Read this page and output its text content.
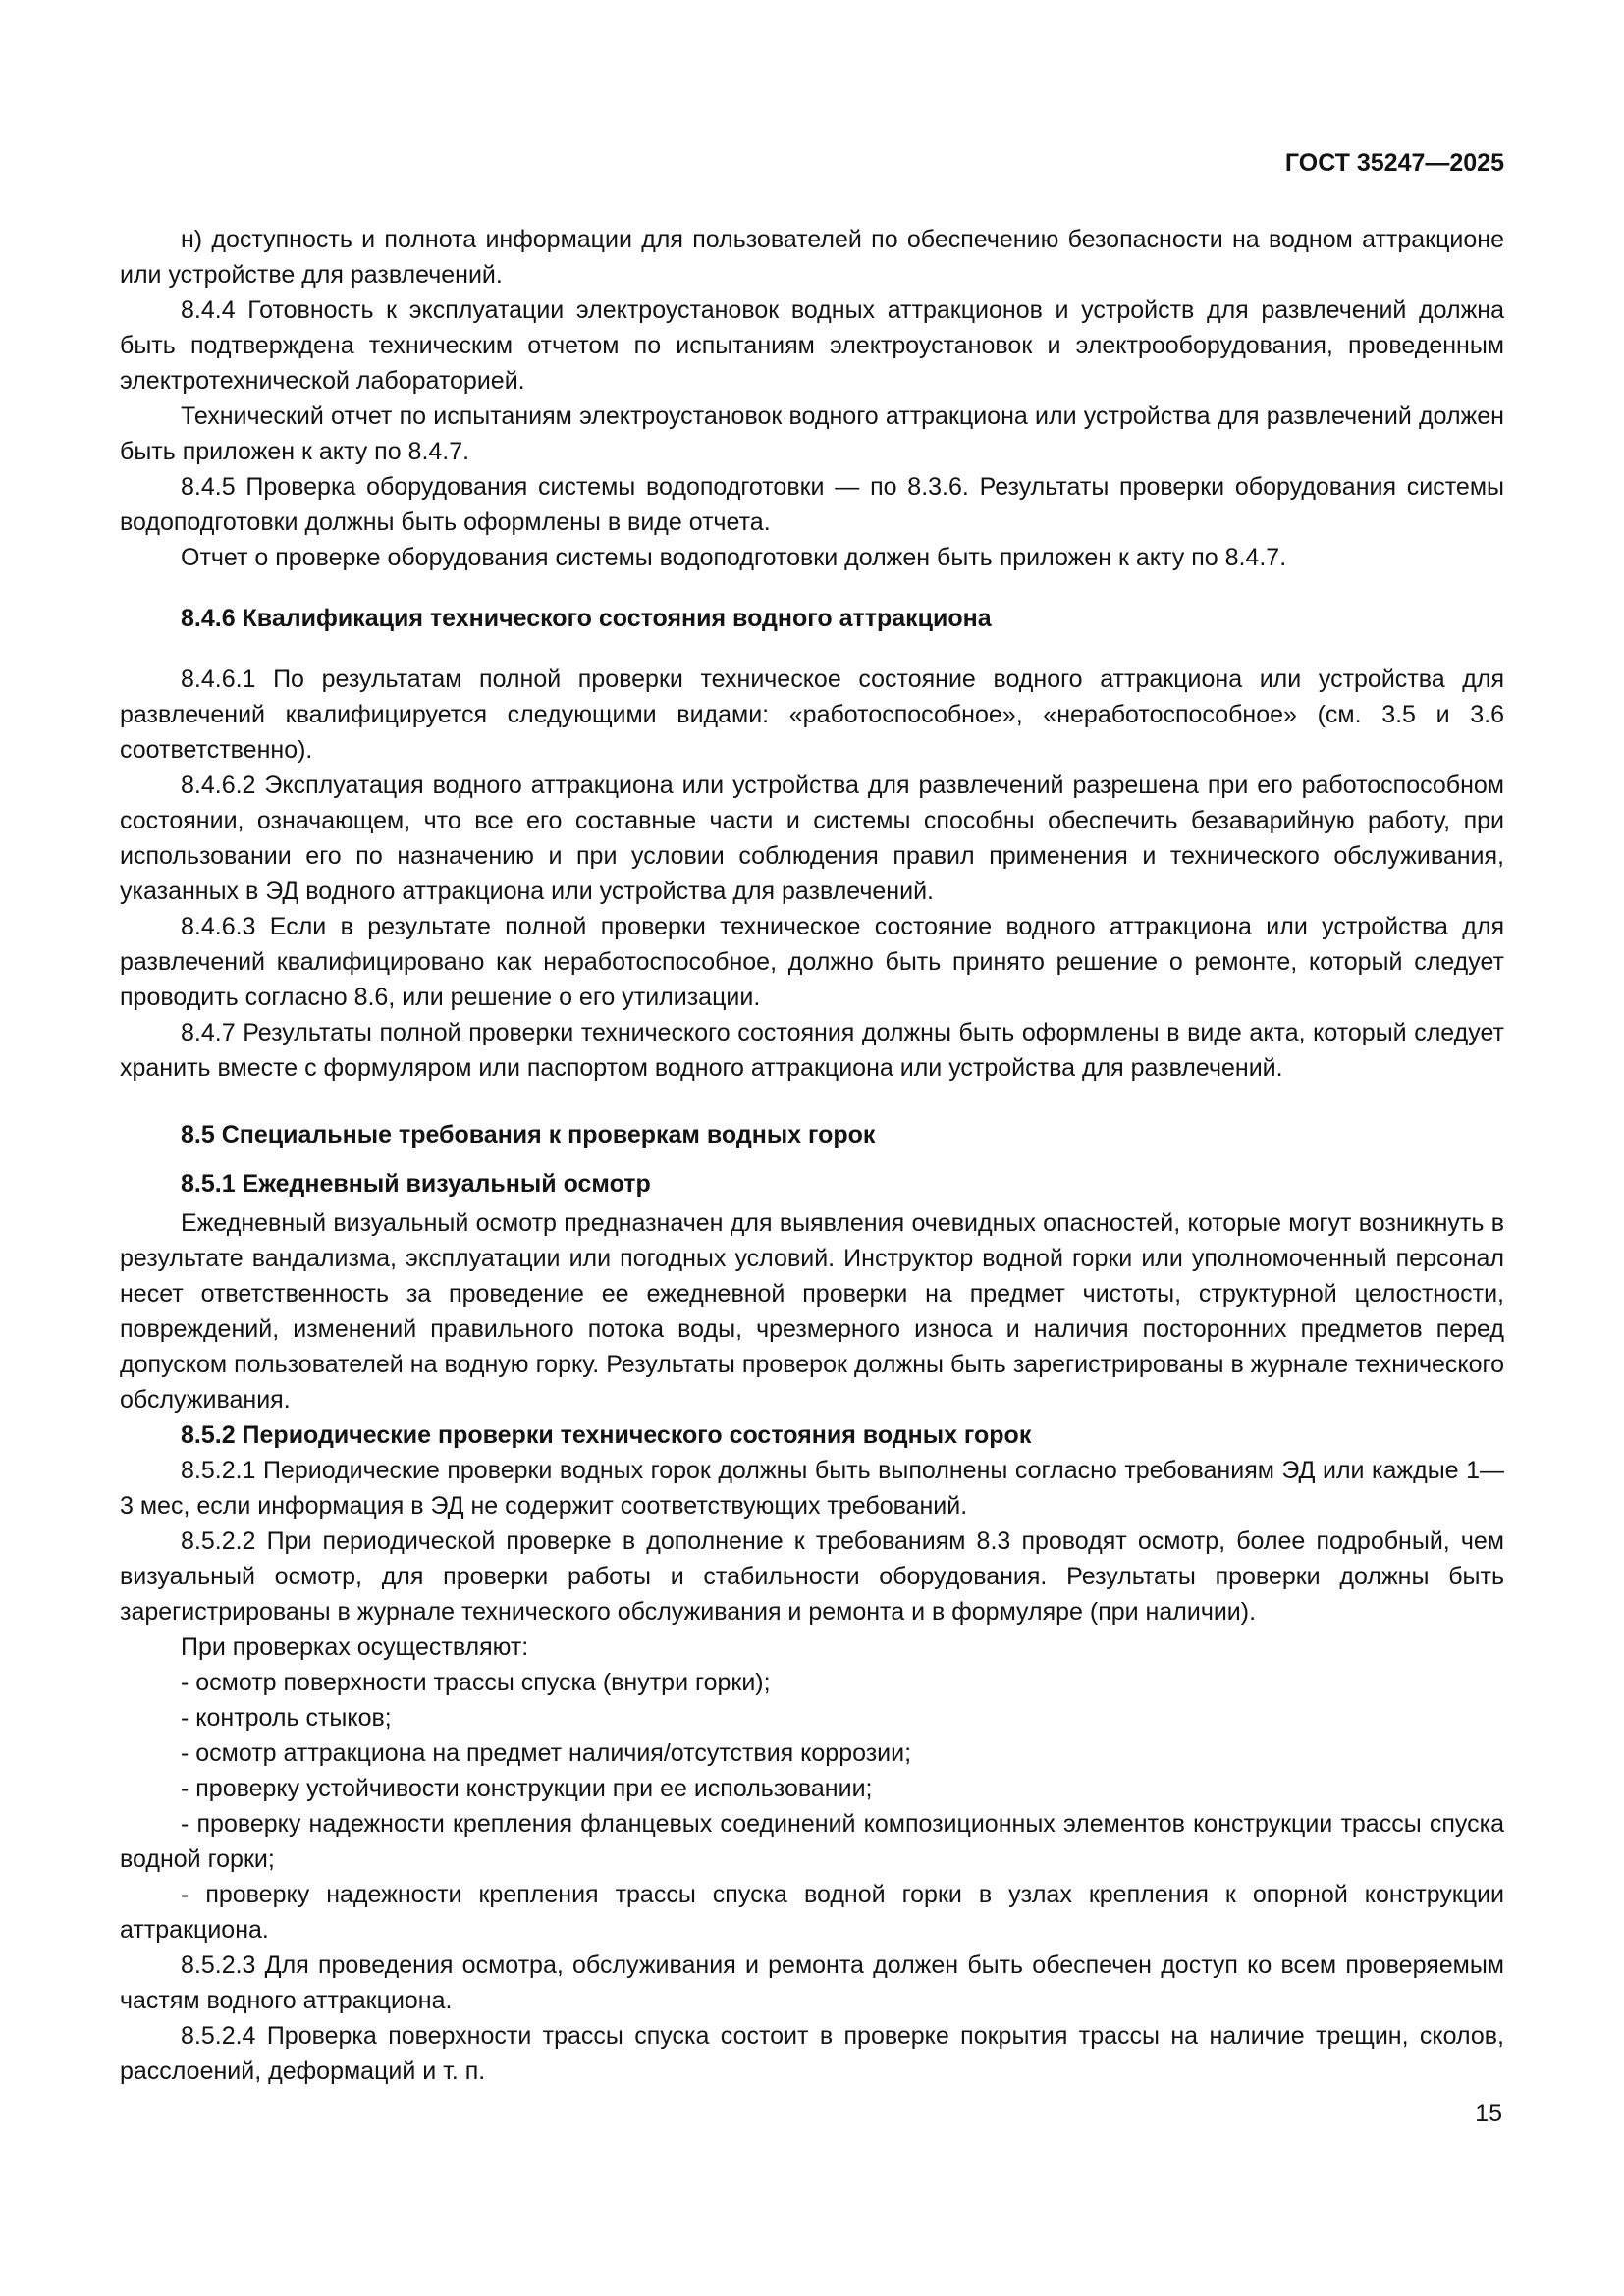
ГОСТ 35247—2025

н) доступность и полнота информации для пользователей по обеспечению безопасности на водном аттракционе или устройстве для развлечений.

8.4.4 Готовность к эксплуатации электроустановок водных аттракционов и устройств для развлечений должна быть подтверждена техническим отчетом по испытаниям электроустановок и электрооборудования, проведенным электротехнической лабораторией.

Технический отчет по испытаниям электроустановок водного аттракциона или устройства для развлечений должен быть приложен к акту по 8.4.7.

8.4.5 Проверка оборудования системы водоподготовки — по 8.3.6. Результаты проверки оборудования системы водоподготовки должны быть оформлены в виде отчета.

Отчет о проверке оборудования системы водоподготовки должен быть приложен к акту по 8.4.7.

8.4.6 Квалификация технического состояния водного аттракциона

8.4.6.1 По результатам полной проверки техническое состояние водного аттракциона или устройства для развлечений квалифицируется следующими видами: «работоспособное», «неработоспособное» (см. 3.5 и 3.6 соответственно).

8.4.6.2 Эксплуатация водного аттракциона или устройства для развлечений разрешена при его работоспособном состоянии, означающем, что все его составные части и системы способны обеспечить безаварийную работу, при использовании его по назначению и при условии соблюдения правил применения и технического обслуживания, указанных в ЭД водного аттракциона или устройства для развлечений.

8.4.6.3 Если в результате полной проверки техническое состояние водного аттракциона или устройства для развлечений квалифицировано как неработоспособное, должно быть принято решение о ремонте, который следует проводить согласно 8.6, или решение о его утилизации.

8.4.7 Результаты полной проверки технического состояния должны быть оформлены в виде акта, который следует хранить вместе с формуляром или паспортом водного аттракциона или устройства для развлечений.

8.5 Специальные требования к проверкам водных горок

8.5.1 Ежедневный визуальный осмотр

Ежедневный визуальный осмотр предназначен для выявления очевидных опасностей, которые могут возникнуть в результате вандализма, эксплуатации или погодных условий. Инструктор водной горки или уполномоченный персонал несет ответственность за проведение ее ежедневной проверки на предмет чистоты, структурной целостности, повреждений, изменений правильного потока воды, чрезмерного износа и наличия посторонних предметов перед допуском пользователей на водную горку. Результаты проверок должны быть зарегистрированы в журнале технического обслуживания.

8.5.2 Периодические проверки технического состояния водных горок

8.5.2.1 Периодические проверки водных горок должны быть выполнены согласно требованиям ЭД или каждые 1—3 мес, если информация в ЭД не содержит соответствующих требований.

8.5.2.2 При периодической проверке в дополнение к требованиям 8.3 проводят осмотр, более подробный, чем визуальный осмотр, для проверки работы и стабильности оборудования. Результаты проверки должны быть зарегистрированы в журнале технического обслуживания и ремонта и в формуляре (при наличии).

При проверках осуществляют:

- осмотр поверхности трассы спуска (внутри горки);

- контроль стыков;

- осмотр аттракциона на предмет наличия/отсутствия коррозии;

- проверку устойчивости конструкции при ее использовании;

- проверку надежности крепления фланцевых соединений композиционных элементов конструкции трассы спуска водной горки;

- проверку надежности крепления трассы спуска водной горки в узлах крепления к опорной конструкции аттракциона.

8.5.2.3 Для проведения осмотра, обслуживания и ремонта должен быть обеспечен доступ ко всем проверяемым частям водного аттракциона.

8.5.2.4 Проверка поверхности трассы спуска состоит в проверке покрытия трассы на наличие трещин, сколов, расслоений, деформаций и т. п.

15
